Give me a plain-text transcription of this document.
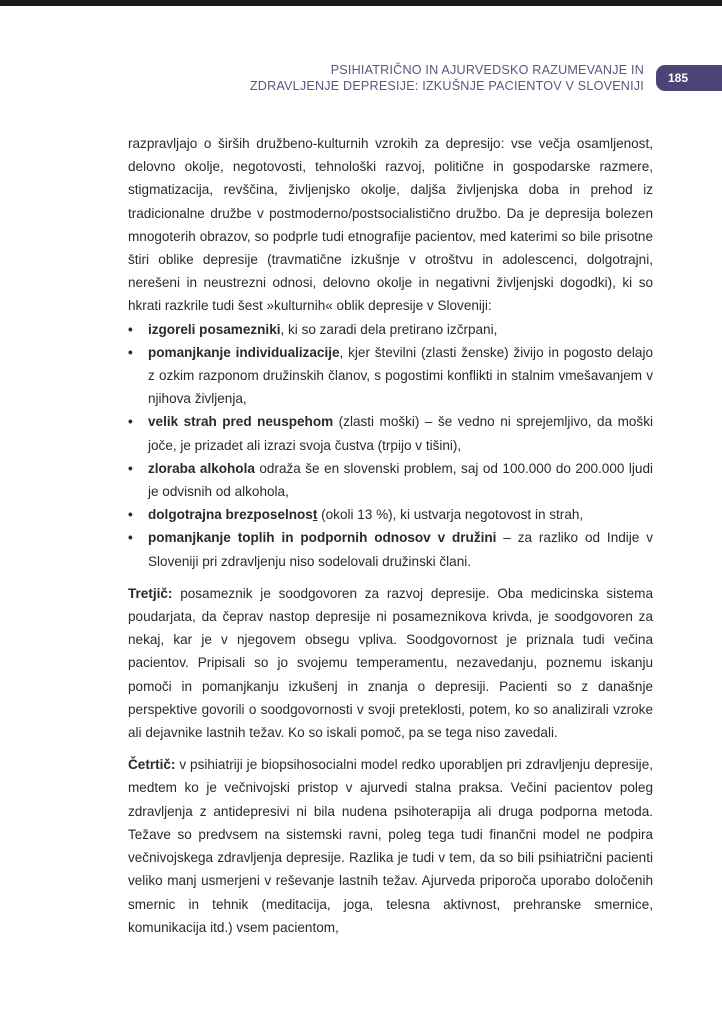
PSIHIATRIČNO IN AJURVEDSKO RAZUMEVANJE IN
ZDRAVLJENJE DEPRESIJE: IZKUŠNJE PACIENTOV V SLOVENIJI
185

razpravljajo o širših družbeno-kulturnih vzrokih za depresijo: vse večja osamljenost, delovno okolje, negotovosti, tehnološki razvoj, politične in gospodarske razmere, stigmatizacija, revščina, življenjsko okolje, daljša življenjska doba in prehod iz tradicionalne družbe v postmoderno/postsocialistično družbo. Da je depresija bolezen mnogoterih obrazov, so podprle tudi etnografije pacientov, med katerimi so bile prisotne štiri oblike depresije (travmatične izkušnje v otroštvu in adolescenci, dolgotrajni, nerešeni in neustrezni odnosi, delovno okolje in negativni življenjski dogodki), ki so hkrati razkrile tudi šest »kulturnih« oblik depresije v Sloveniji:

• izgoreli posamezniki, ki so zaradi dela pretirano izčrpani,
• pomanjkanje individualizacije, kjer številni (zlasti ženske) živijo in pogosto delajo z ozkim razponom družinskih članov, s pogostimi konflikti in stalnim vmešavanjem v njihova življenja,
• velik strah pred neuspehom (zlasti moški) – še vedno ni sprejemljivo, da moški joče, je prizadet ali izrazi svoja čustva (trpijo v tišini),
• zloraba alkohola odraža še en slovenski problem, saj od 100.000 do 200.000 ljudi je odvisnih od alkohola,
• dolgotrajna brezposelnost (okoli 13 %), ki ustvarja negotovost in strah,
• pomanjkanje toplih in podpornih odnosov v družini – za razliko od Indije v Sloveniji pri zdravljenju niso sodelovali družinski člani.

Tretjič: posameznik je soodgovoren za razvoj depresije. Oba medicinska sistema poudarjata, da čeprav nastop depresije ni posameznikova krivda, je soodgovoren za nekaj, kar je v njegovem obsegu vpliva. Soodgovornost je priznala tudi večina pacientov. Pripisali so jo svojemu temperamentu, nezavedanju, poznemu iskanju pomoči in pomanjkanju izkušenj in znanja o depresiji. Pacienti so z današnje perspektive govorili o soodgovornosti v svoji preteklosti, potem, ko so analizirali vzroke ali dejavnike lastnih težav. Ko so iskali pomoč, pa se tega niso zavedali.

Četrtič: v psihiatriji je biopsihosocialni model redko uporabljen pri zdravljenju depresije, medtem ko je večnivojski pristop v ajurvedi stalna praksa. Večini pacientov poleg zdravljenja z antidepresivi ni bila nudena psihoterapija ali druga podporna metoda. Težave so predvsem na sistemski ravni, poleg tega tudi finančni model ne podpira večnivojskega zdravljenja depresije. Razlika je tudi v tem, da so bili psihiatrični pacienti veliko manj usmerjeni v reševanje lastnih težav. Ajurveda priporoča uporabo določenih smernic in tehnik (meditacija, joga, telesna aktivnost, prehranske smernice, komunikacija itd.) vsem pacientom,
